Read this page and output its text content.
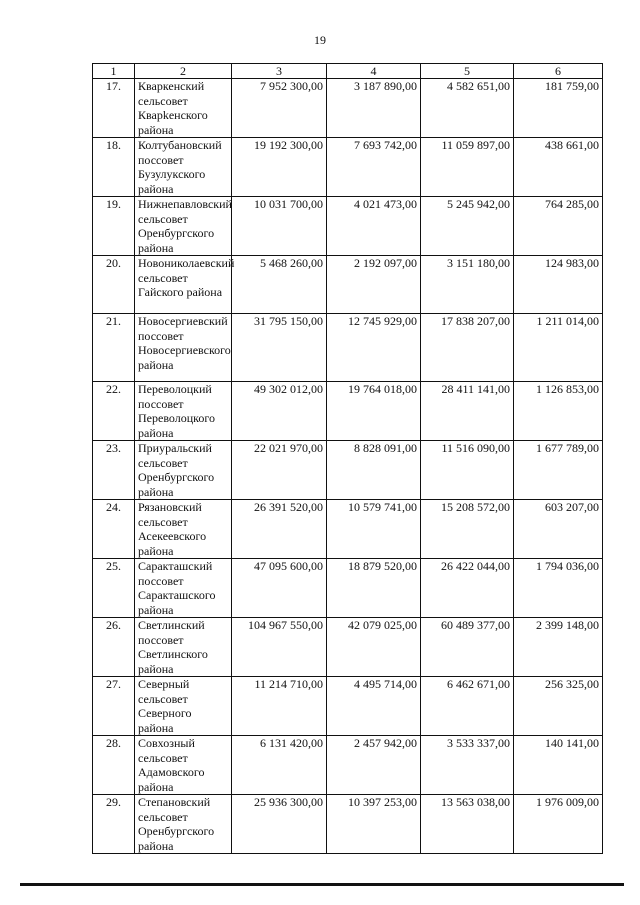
19
1	2	3	4	5	6
17.	Кваркенский сельсовет Кварkенского района	7 952 300,00	3 187 890,00	4 582 651,00	181 759,00
18.	Колтубановский поссовет Бузулукского района	19 192 300,00	7 693 742,00	11 059 897,00	438 661,00
19.	Нижнепавловский сельсовет Оренбургского района	10 031 700,00	4 021 473,00	5 245 942,00	764 285,00
20.	Новониколаевский сельсовет Гайского района	5 468 260,00	2 192 097,00	3 151 180,00	124 983,00
21.	Новосергиевский поссовет Новосергиевского района	31 795 150,00	12 745 929,00	17 838 207,00	1 211 014,00
22.	Переволоцкий поссовет Переволоцкого района	49 302 012,00	19 764 018,00	28 411 141,00	1 126 853,00
23.	Приуральский сельсовет Оренбургского района	22 021 970,00	8 828 091,00	11 516 090,00	1 677 789,00
24.	Рязановский сельсовет Асекеевского района	26 391 520,00	10 579 741,00	15 208 572,00	603 207,00
25.	Саракташский поссовет Саракташского района	47 095 600,00	18 879 520,00	26 422 044,00	1 794 036,00
26.	Светлинский поссовет Светлинского района	104 967 550,00	42 079 025,00	60 489 377,00	2 399 148,00
27.	Северный сельсовет Северного района	11 214 710,00	4 495 714,00	6 462 671,00	256 325,00
28.	Совхозный сельсовет Адамовского района	6 131 420,00	2 457 942,00	3 533 337,00	140 141,00
29.	Степановский сельсовет Оренбургского района	25 936 300,00	10 397 253,00	13 563 038,00	1 976 009,00
